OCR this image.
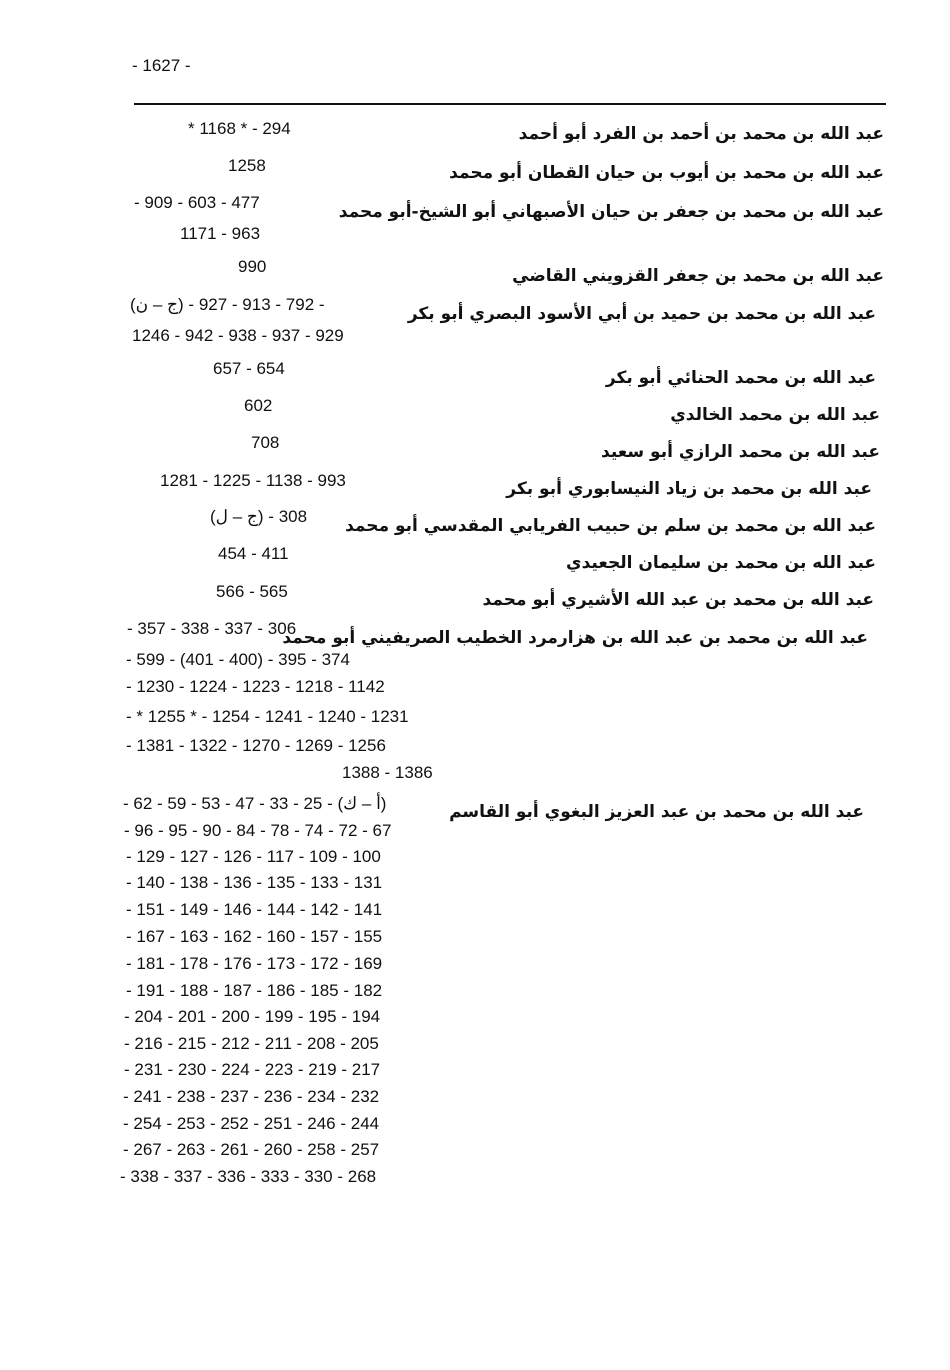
- 1627 -
عبد الله بن محمد بن أحمد بن الفرد أبو أحمد
* 1168 * - 294
عبد الله بن محمد بن أيوب بن حيان القطان أبو محمد
1258
عبد الله بن محمد بن جعفر بن حيان الأصبهاني أبو الشيخ-أبو محمد
- 909 - 603 - 477
1171 - 963
عبد الله بن محمد بن جعفر القزويني القاضي
990
عبد الله بن محمد بن حميد بن أبي الأسود البصري أبو بكر
(ج – ن) - 792 - 913 - 927 -
1246 - 942 - 938 - 937 - 929
عبد الله بن محمد الحنائي أبو بكر
657 - 654
عبد الله بن محمد الخالدي
602
عبد الله بن محمد الرازي أبو سعيد
708
عبد الله بن محمد بن زياد النيسابوري أبو بكر
1281 - 1225 - 1138 - 993
عبد الله بن محمد بن سلم بن حبيب الفريابي المقدسي أبو محمد
(ج – ل) - 308
عبد الله بن محمد بن سليمان الجعيدي
454 - 411
عبد الله بن محمد بن عبد الله الأشيري أبو محمد
566 - 565
عبد الله بن محمد بن عبد الله بن هزارمرد الخطيب الصريفيني أبو محمد
- 357 - 338 - 337 - 306
- 599 - (401 - 400) - 395 - 374
- 1230 - 1224 - 1223 - 1218 - 1142
- * 1255 * - 1254 - 1241 - 1240 - 1231
- 1381 - 1322 - 1270 - 1269 - 1256
1388 - 1386
عبد الله بن محمد بن عبد العزيز البغوي أبو القاسم
- 62 - 59 - 53 - 47 - 33 - 25 - (أ – ك)
- 96 - 95 - 90 - 84 - 78 - 74 - 72 - 67
- 129 - 127 - 126 - 117 - 109 - 100
- 140 - 138 - 136 - 135 - 133 - 131
- 151 - 149 - 146 - 144 - 142 - 141
- 167 - 163 - 162 - 160 - 157 - 155
- 181 - 178 - 176 - 173 - 172 - 169
- 191 - 188 - 187 - 186 - 185 - 182
- 204 - 201 - 200 - 199 - 195 - 194
- 216 - 215 - 212 - 211 - 208 - 205
- 231 - 230 - 224 - 223 - 219 - 217
- 241 - 238 - 237 - 236 - 234 - 232
- 254 - 253 - 252 - 251 - 246 - 244
- 267 - 263 - 261 - 260 - 258 - 257
- 338 - 337 - 336 - 333 - 330 - 268
